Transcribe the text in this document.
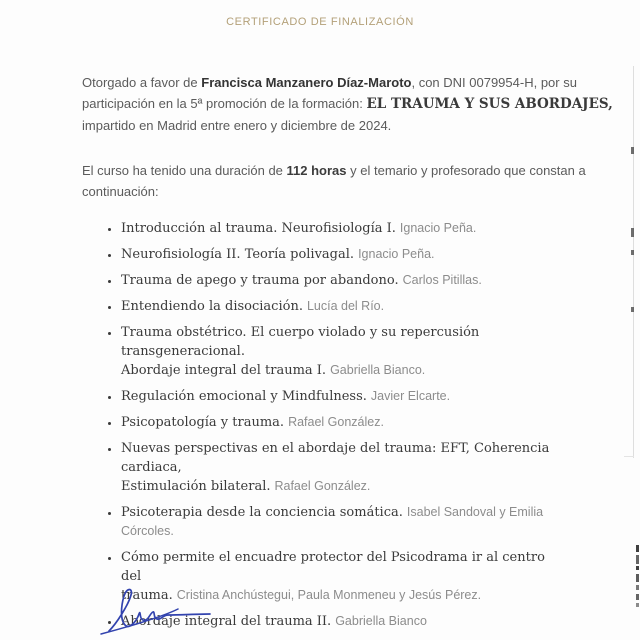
CERTIFICADO DE FINALIZACIÓN
Otorgado a favor de Francisca Manzanero Díaz-Maroto, con DNI 0079954-H, por su
participación en la 5ª promoción de la formación: EL TRAUMA Y SUS ABORDAJES,
impartido en Madrid entre enero y diciembre de 2024.
El curso ha tenido una duración de 112 horas y el temario y profesorado que constan a
continuación:
• Introducción al trauma. Neurofisiología I. Ignacio Peña.
• Neurofisiología II. Teoría polivagal. Ignacio Peña.
• Trauma de apego y trauma por abandono. Carlos Pitillas.
• Entendiendo la disociación. Lucía del Río.
• Trauma obstétrico. El cuerpo violado y su repercusión transgeneracional.
Abordaje integral del trauma I. Gabriella Bianco.
• Regulación emocional y Mindfulness. Javier Elcarte.
• Psicopatología y trauma. Rafael González.
• Nuevas perspectivas en el abordaje del trauma: EFT, Coherencia cardiaca,
Estimulación bilateral. Rafael González.
• Psicoterapia desde la conciencia somática. Isabel Sandoval y Emilia Córcoles.
• Cómo permite el encuadre protector del Psicodrama ir al centro del
trauma. Cristina Anchústegui, Paula Monmeneu y Jesús Pérez.
• Abordaje integral del trauma II. Gabriella Bianco
